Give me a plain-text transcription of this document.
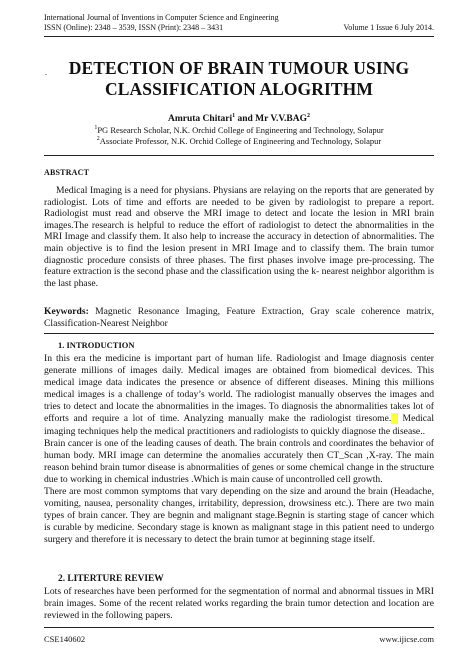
International Journal of Inventions in Computer Science and Engineering
ISSN (Online): 2348 – 3539, ISSN (Print): 2348 – 3431	Volume 1 Issue 6 July 2014.
.	DETECTION OF BRAIN TUMOUR USING
CLASSIFICATION ALOGRITHM
Amruta Chitari$^1$ and Mr V.V.BAG$^2$
$^1$PG Research Scholar, N.K. Orchid College of Engineering and Technology, Solapur
$^2$Associate Professor, N.K. Orchid College of Engineering and Technology, Solapur
ABSTRACT

Medical Imaging is a need for physians. Physians are relaying on the reports that are generated by radiologist. Lots of time and efforts are needed to be given by radiologist to prepare a report. Radiologist must read and observe the MRI image to detect and locate the lesion in MRI brain images.The research is helpful to reduce the effort of radiologist to detect the abnormalities in the MRI Image and classify them. It also help to increase the accuracy in detection of abnormalities. The main objective is to find the lesion present in MRI Image and to classify them. The brain tumor diagnostic procedure consists of three phases. The first phases involve image pre-processing. The feature extraction is the second phase and the classification using the k- nearest neighbor algorithm is the last phase.

Keywords: Magnetic Resonance Imaging, Feature Extraction, Gray scale coherence matrix, Classification-Nearest Neighbor
1. INTRODUCTION

In this era the medicine is important part of human life. Radiologist and Image diagnosis center generate millions of images daily. Medical images are obtained from biomedical devices. This medical image data indicates the presence or absence of different diseases. Mining this millions medical images is a challenge of today’s world. The radiologist manually observes the images and tries to detect and locate the abnormalities in the images. To diagnosis the abnormalities takes lot of efforts and require a lot of time. Analyzing manually make the radiologist tiresome.  Medical imaging techniques help the medical practitioners and radiologists to quickly diagnose the disease..

Brain cancer is one of the leading causes of death. The brain controls and coordinates the behavior of human body. MRI image can determine the anomalies accurately then CT_Scan ,X-ray. The main reason behind brain tumor disease is abnormalities of genes or some chemical change in the structure due to working in chemical industries .Which is main cause of uncontrolled cell growth.

There are most common symptoms that vary depending on the size and around the brain (Headache, vomiting, nausea, personality changes, irritability, depression, drowsiness etc.). There are two main types of brain cancer. They are begnin and malignant stage.Begnin is starting stage of cancer which is curable by medicine. Secondary stage is known as malignant stage in this patient need to undergo surgery and therefore it is necessary to detect the brain tumor at beginning stage itself.

2. LITERTURE REVIEW

Lots of researches have been performed for the segmentation of normal and abnormal tissues in MRI brain images. Some of the recent related works regarding the brain tumor detection and location are reviewed in the following papers.

CSE140602	www.ijicse.com
